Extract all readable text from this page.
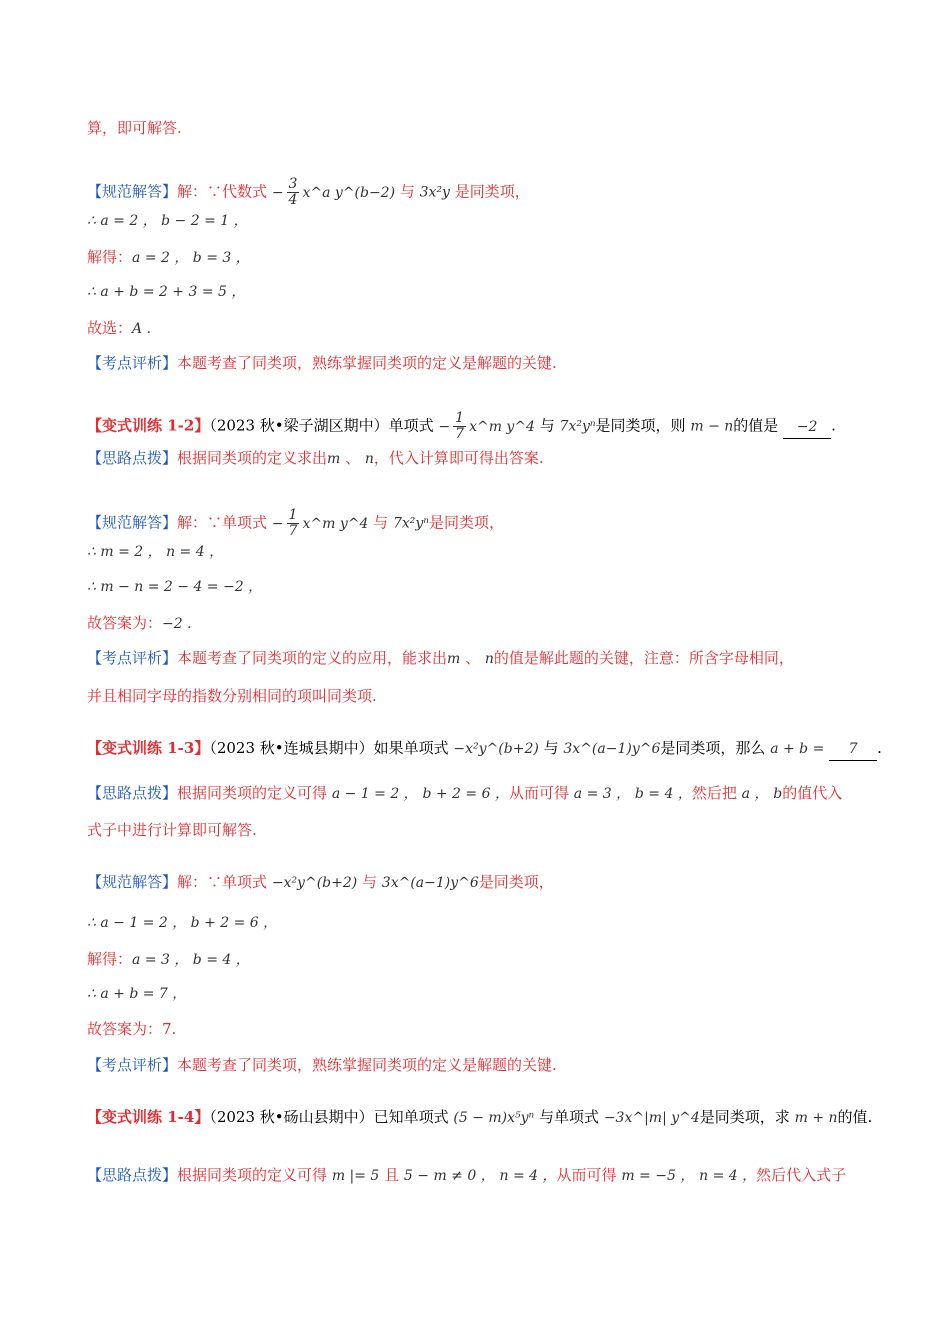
算，即可解答.
【规范解答】解：∵代数式 − $\frac{3}{4}$ x^a y^(b−2) 与 3x²y 是同类项，
∴ a = 2 ， b − 2 = 1 ，
解得：a = 2 ， b = 3 ，
∴ a + b = 2 + 3 = 5 ，
故选：A .
【考点评析】本题考查了同类项，熟练掌握同类项的定义是解题的关键.
【变式训练 1-2】（2023 秋•梁子湖区期中）单项式 − $\frac{1}{7}$ x^m y^4 与 7x²yⁿ是同类项，则 m − n的值是 −2 .
【思路点拨】根据同类项的定义求出m 、 n，代入计算即可得出答案.
【规范解答】解：∵单项式 − $\frac{1}{7}$ x^m y^4 与 7x²yⁿ是同类项，
∴ m = 2 ， n = 4 ，
∴ m − n = 2 − 4 = −2 ，
故答案为：−2 .
【考点评析】本题考查了同类项的定义的应用，能求出m 、 n的值是解此题的关键，注意：所含字母相同，
并且相同字母的指数分别相同的项叫同类项.
【变式训练 1-3】（2023 秋•连城县期中）如果单项式 −x²y^(b+2) 与 3x^(a−1)y^6是同类项，那么 a + b = 7 .
【思路点拨】根据同类项的定义可得 a − 1 = 2 ， b + 2 = 6 ，从而可得 a = 3 ， b = 4 ，然后把 a ， b的值代入
式子中进行计算即可解答.
【规范解答】解：∵单项式 −x²y^(b+2) 与 3x^(a−1)y^6是同类项，
∴ a − 1 = 2 ， b + 2 = 6 ，
解得：a = 3 ， b = 4 ，
∴ a + b = 7 ，
故答案为：7.
【考点评析】本题考查了同类项，熟练掌握同类项的定义是解题的关键.
【变式训练 1-4】（2023 秋•砀山县期中）已知单项式 (5 − m)x⁵yⁿ 与单项式 −3x^|m| y^4是同类项，求 m + n的值.
【思路点拨】根据同类项的定义可得 m |= 5 且 5 − m ≠ 0 ， n = 4 ，从而可得 m = −5 ， n = 4 ，然后代入式子
